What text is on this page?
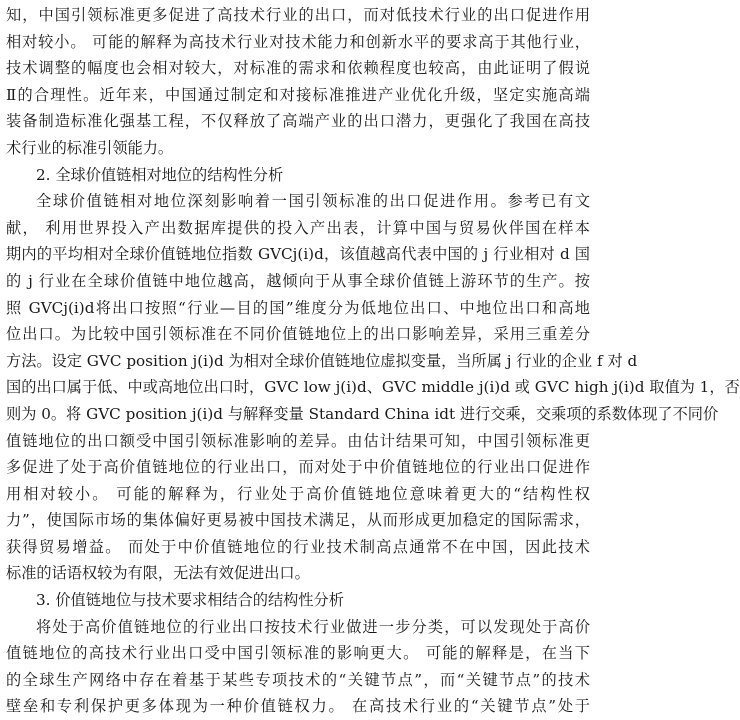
知，中国引领标准更多促进了高技术行业的出口，而对低技术行业的出口促进作用
相对较小。 可能的解释为高技术行业对技术能力和创新水平的要求高于其他行业，
技术调整的幅度也会相对较大，对标准的需求和依赖程度也较高，由此证明了假说
Ⅱ的合理性。近年来，中国通过制定和对接标准推进产业优化升级，坚定实施高端
装备制造标准化强基工程，不仅释放了高端产业的出口潜力，更强化了我国在高技
术行业的标准引领能力。
2. 全球价值链相对地位的结构性分析
全球价值链相对地位深刻影响着一国引领标准的出口促进作用。参考已有文
献， 利用世界投入产出数据库提供的投入产出表，计算中国与贸易伙伴国在样本
期内的平均相对全球价值链地位指数 GVCj(i)d，该值越高代表中国的 j 行业相对 d 国
的 j 行业在全球价值链中地位越高，越倾向于从事全球价值链上游环节的生产。按
照 GVCj(i)d将出口按照“行业—目的国”维度分为低地位出口、中地位出口和高地
位出口。为比较中国引领标准在不同价值链地位上的出口影响差异，采用三重差分
方法。设定 GVC position j(i)d 为相对全球价值链地位虚拟变量，当所属 j 行业的企业 f 对 d
国的出口属于低、中或高地位出口时，GVC low j(i)d、GVC middle j(i)d 或 GVC high j(i)d 取值为 1，否
则为 0。将 GVC position j(i)d 与解释变量 Standard China idt 进行交乘，交乘项的系数体现了不同价
值链地位的出口额受中国引领标准影响的差异。由估计结果可知，中国引领标准更
多促进了处于高价值链地位的行业出口，而对处于中价值链地位的行业出口促进作
用相对较小。 可能的解释为，行业处于高价值链地位意味着更大的“结构性权
力”，使国际市场的集体偏好更易被中国技术满足，从而形成更加稳定的国际需求，
获得贸易增益。 而处于中价值链地位的行业技术制高点通常不在中国，因此技术
标准的话语权较为有限，无法有效促进出口。
3. 价值链地位与技术要求相结合的结构性分析
将处于高价值链地位的行业出口按技术行业做进一步分类，可以发现处于高价
值链地位的高技术行业出口受中国引领标准的影响更大。 可能的解释是，在当下
的全球生产网络中存在着基于某些专项技术的“关键节点”，而“关键节点”的技术
壁垒和专利保护更多体现为一种价值链权力。 在高技术行业的“关键节点”处于
